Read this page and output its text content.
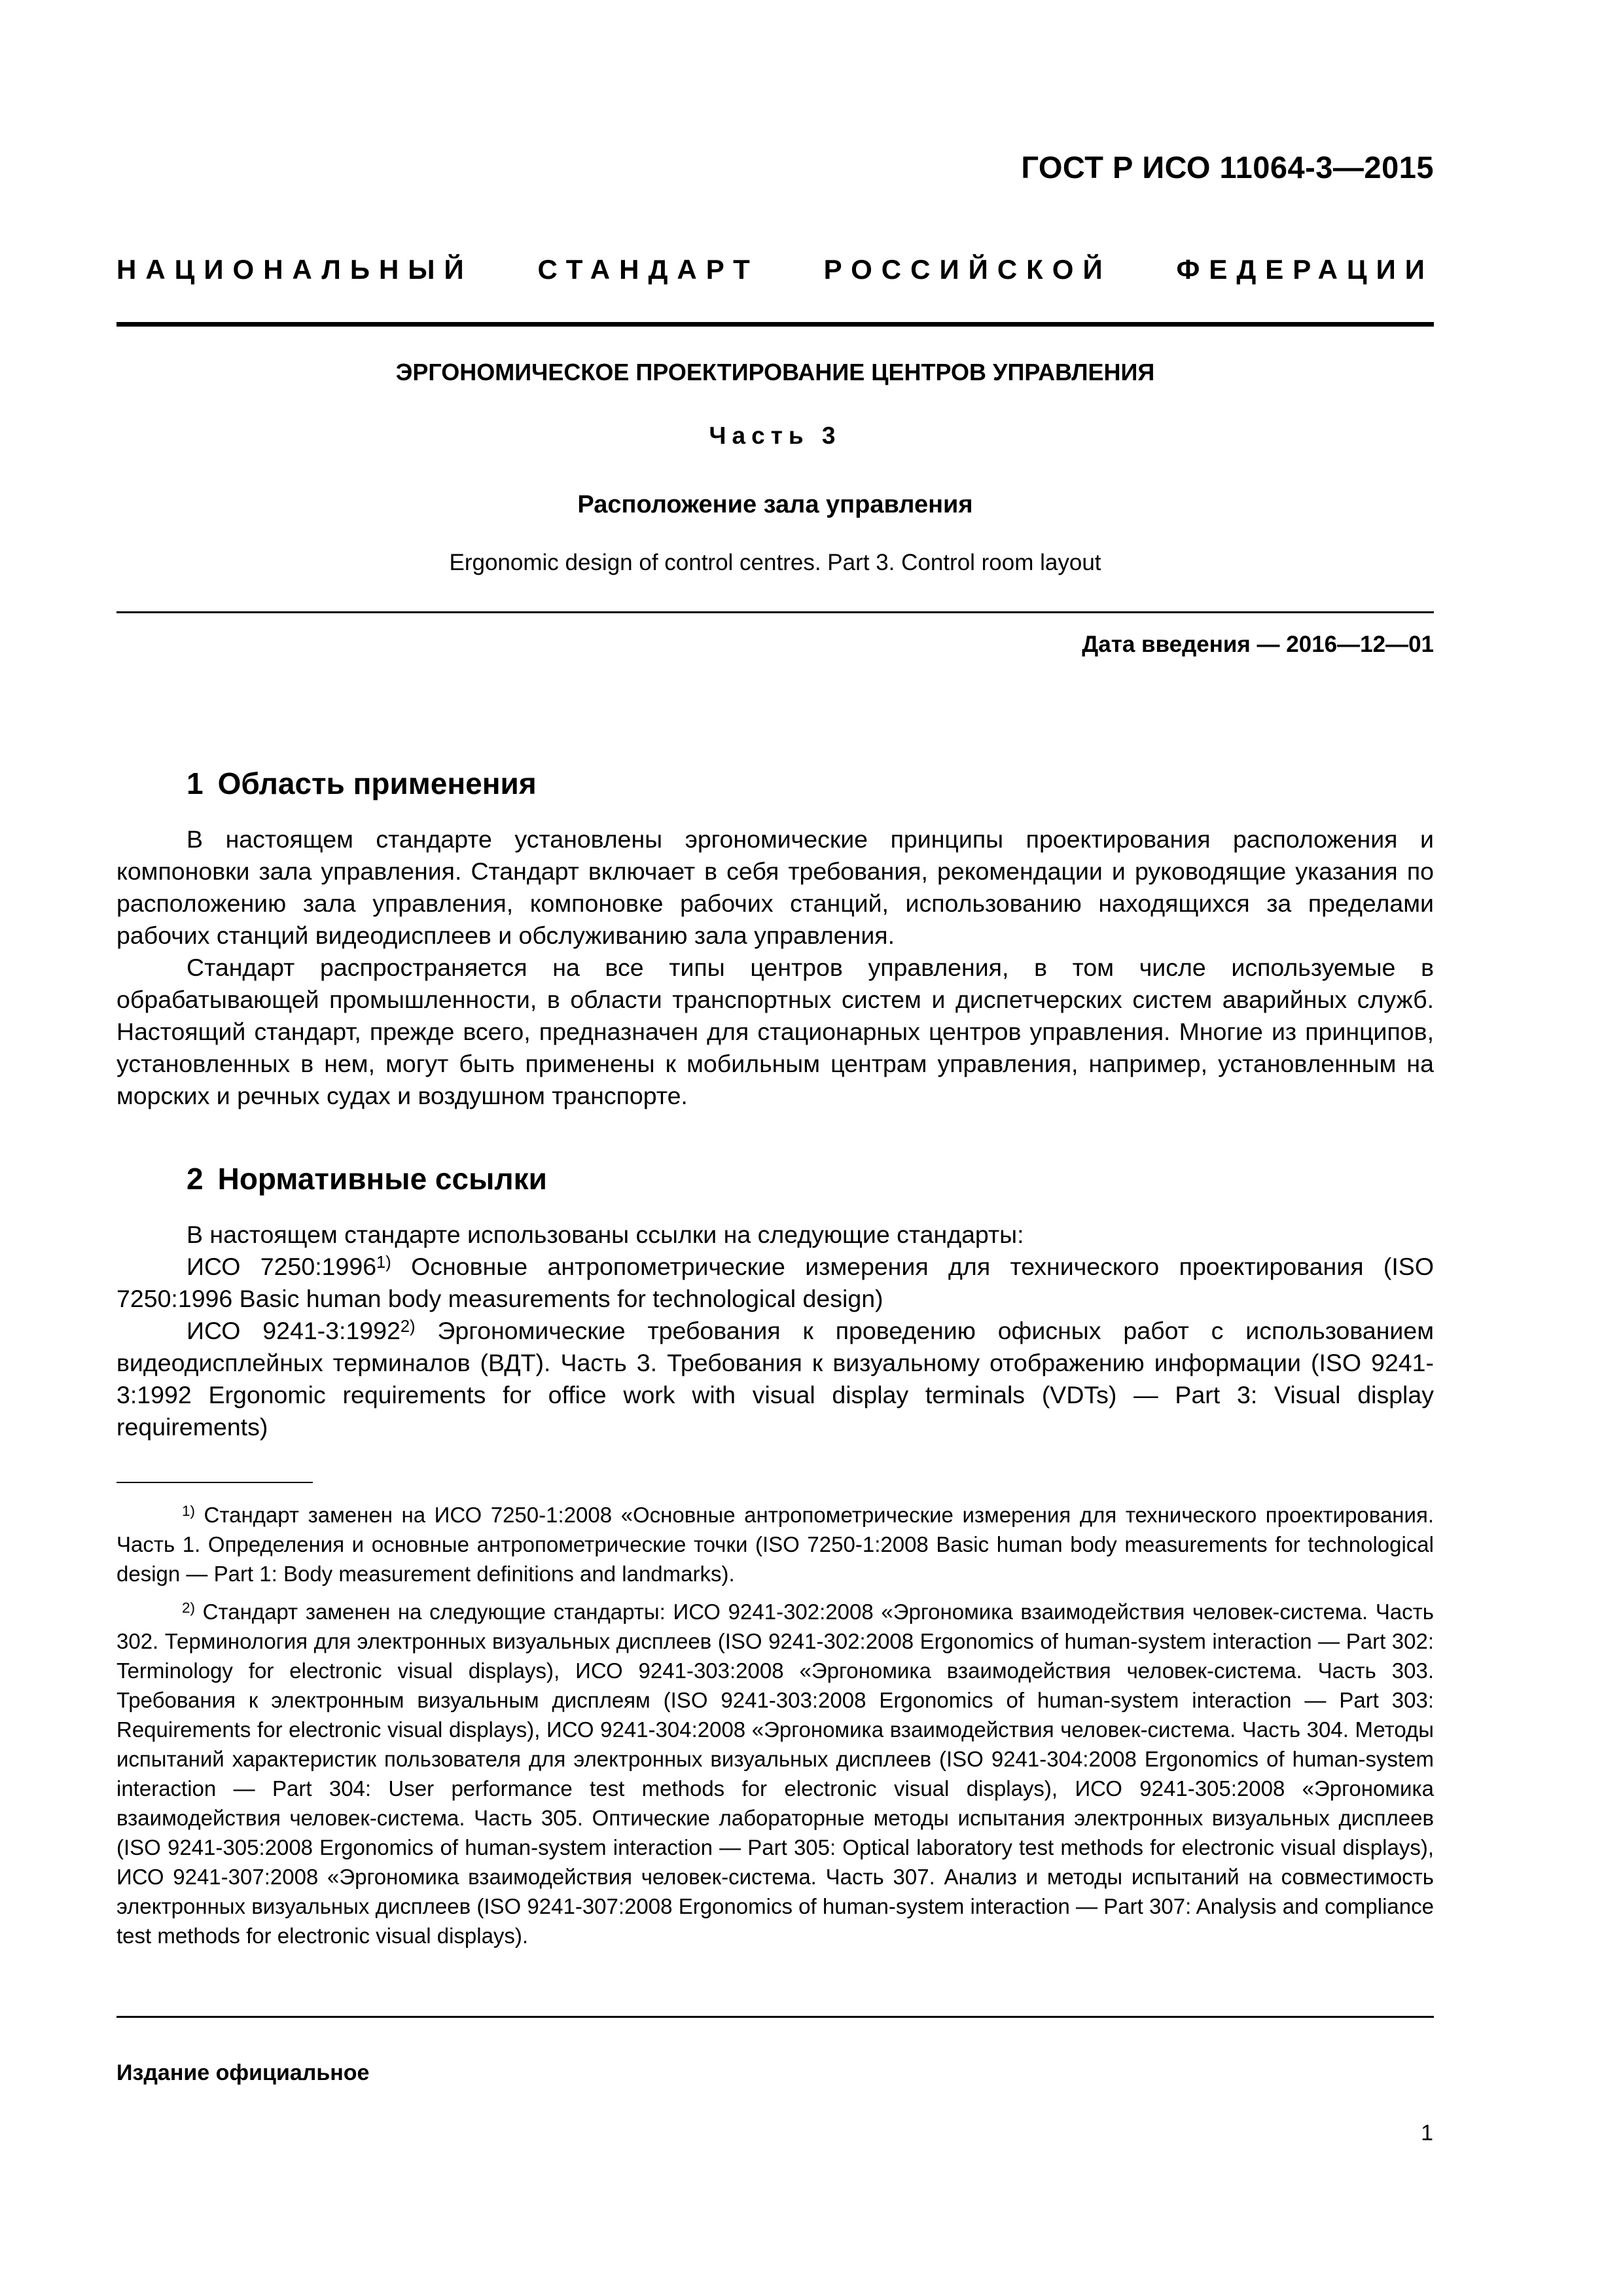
ГОСТ Р ИСО 11064-3—2015
НАЦИОНАЛЬНЫЙ СТАНДАРТ РОССИЙСКОЙ ФЕДЕРАЦИИ
ЭРГОНОМИЧЕСКОЕ ПРОЕКТИРОВАНИЕ ЦЕНТРОВ УПРАВЛЕНИЯ
Часть 3
Расположение зала управления
Ergonomic design of control centres. Part 3. Control room layout
Дата введения — 2016—12—01
1 Область применения

В настоящем стандарте установлены эргономические принципы проектирования расположения и компоновки зала управления. Стандарт включает в себя требования, рекомендации и руководящие указания по расположению зала управления, компоновке рабочих станций, использованию находящихся за пределами рабочих станций видеодисплеев и обслуживанию зала управления.

Стандарт распространяется на все типы центров управления, в том числе используемые в обрабатывающей промышленности, в области транспортных систем и диспетчерских систем аварийных служб. Настоящий стандарт, прежде всего, предназначен для стационарных центров управления. Многие из принципов, установленных в нем, могут быть применены к мобильным центрам управления, например, установленным на морских и речных судах и воздушном транспорте.

2 Нормативные ссылки

В настоящем стандарте использованы ссылки на следующие стандарты:

ИСО 7250:1996$^{1)}$ Основные антропометрические измерения для технического проектирования (ISO 7250:1996 Basic human body measurements for technological design)

ИСО 9241-3:1992$^{2)}$ Эргономические требования к проведению офисных работ с использованием видеодисплейных терминалов (ВДТ). Часть 3. Требования к визуальному отображению информации (ISO 9241-3:1992 Ergonomic requirements for office work with visual display terminals (VDTs) — Part 3: Visual display requirements)

$^{1)}$ Стандарт заменен на ИСО 7250-1:2008 «Основные антропометрические измерения для технического проектирования. Часть 1. Определения и основные антропометрические точки (ISO 7250-1:2008 Basic human body measurements for technological design — Part 1: Body measurement definitions and landmarks).

$^{2)}$ Стандарт заменен на следующие стандарты: ИСО 9241-302:2008 «Эргономика взаимодействия человек-система. Часть 302. Терминология для электронных визуальных дисплеев (ISO 9241-302:2008 Ergonomics of human-system interaction — Part 302: Terminology for electronic visual displays), ИСО 9241-303:2008 «Эргономика взаимодействия человек-система. Часть 303. Требования к электронным визуальным дисплеям (ISO 9241-303:2008 Ergonomics of human-system interaction — Part 303: Requirements for electronic visual displays), ИСО 9241-304:2008 «Эргономика взаимодействия человек-система. Часть 304. Методы испытаний характеристик пользователя для электронных визуальных дисплеев (ISO 9241-304:2008 Ergonomics of human-system interaction — Part 304: User performance test methods for electronic visual displays), ИСО 9241-305:2008 «Эргономика взаимодействия человек-система. Часть 305. Оптические лабораторные методы испытания электронных визуальных дисплеев (ISO 9241-305:2008 Ergonomics of human-system interaction — Part 305: Optical laboratory test methods for electronic visual displays), ИСО 9241-307:2008 «Эргономика взаимодействия человек-система. Часть 307. Анализ и методы испытаний на совместимость электронных визуальных дисплеев (ISO 9241-307:2008 Ergonomics of human-system interaction — Part 307: Analysis and compliance test methods for electronic visual displays).

Издание официальное
1
